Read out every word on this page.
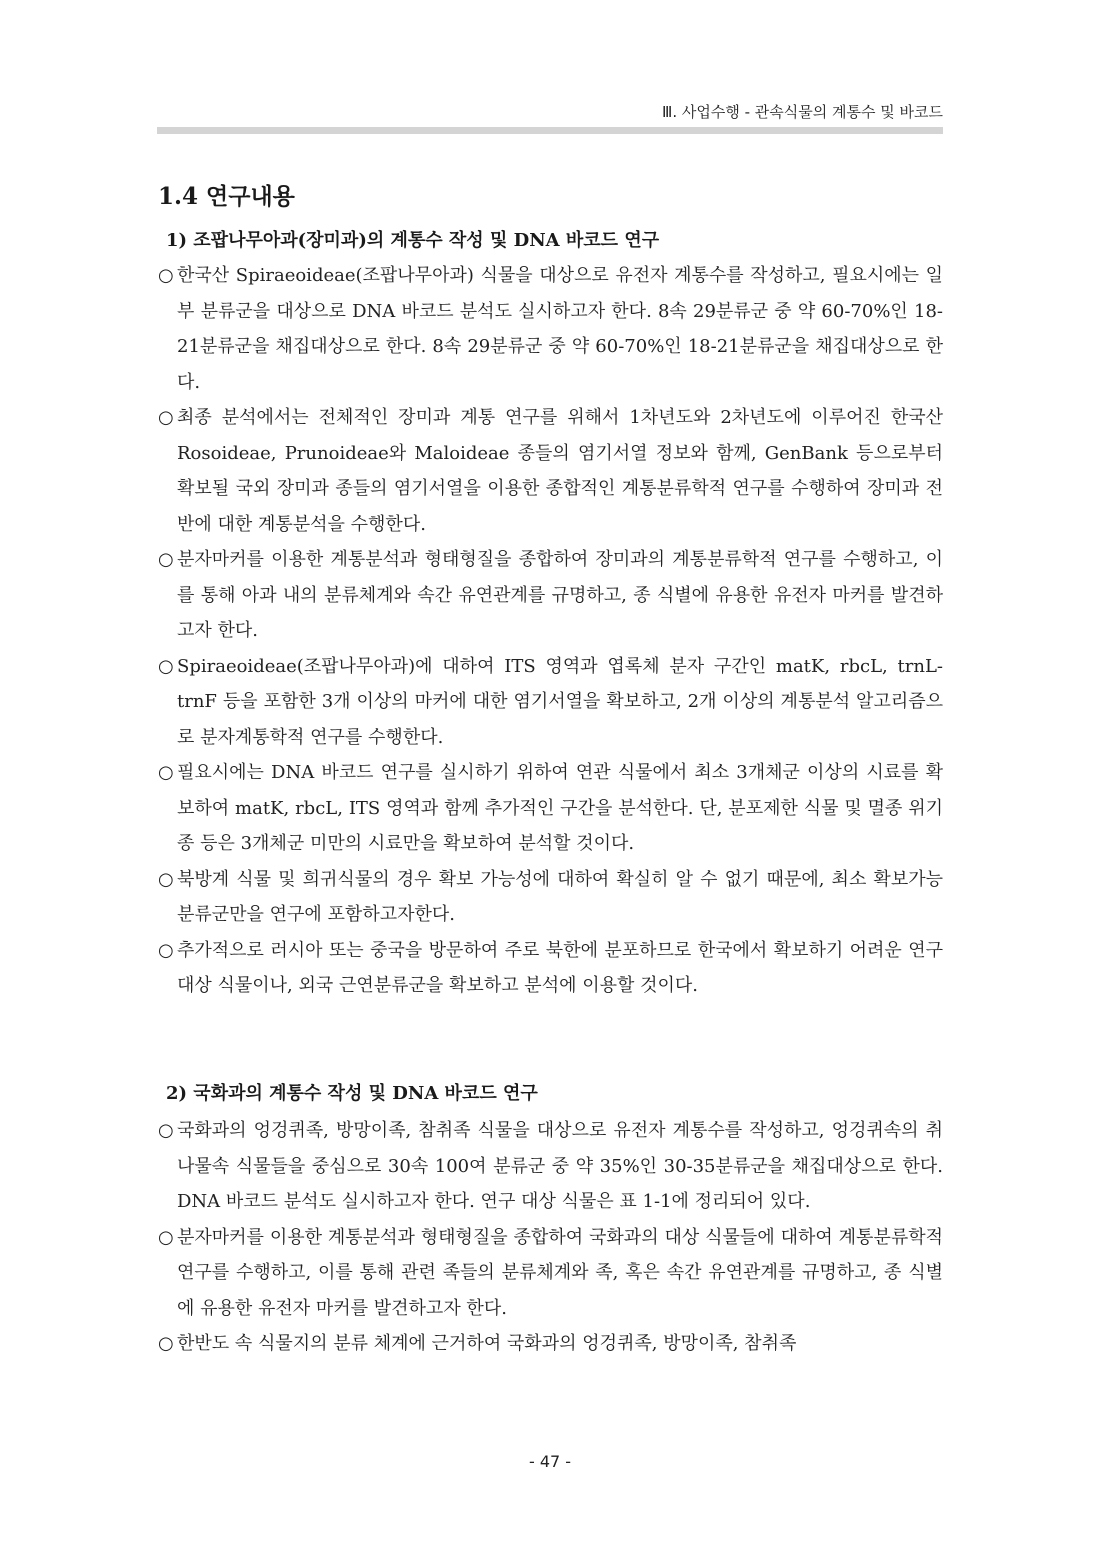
Ⅲ. 사업수행 - 관속식물의 계통수 및 바코드
1.4 연구내용
1) 조팝나무아과(장미과)의 계통수 작성 및 DNA 바코드 연구

○ 한국산 Spiraeoideae(조팝나무아과) 식물을 대상으로 유전자 계통수를 작성하고, 필요시에는 일부 분류군을 대상으로 DNA 바코드 분석도 실시하고자 한다. 8속 29분류군 중 약 60-70%인 18-21분류군을 채집대상으로 한다. 8속 29분류군 중 약 60-70%인 18-21분류군을 채집대상으로 한다.

○ 최종 분석에서는 전체적인 장미과 계통 연구를 위해서 1차년도와 2차년도에 이루어진 한국산 Rosoideae, Prunoideae와 Maloideae 종들의 염기서열 정보와 함께, GenBank 등으로부터 확보될 국외 장미과 종들의 염기서열을 이용한 종합적인 계통분류학적 연구를 수행하여 장미과 전반에 대한 계통분석을 수행한다.

○ 분자마커를 이용한 계통분석과 형태형질을 종합하여 장미과의 계통분류학적 연구를 수행하고, 이를 통해 아과 내의 분류체계와 속간 유연관계를 규명하고, 종 식별에 유용한 유전자 마커를 발견하고자 한다.

○ Spiraeoideae(조팝나무아과)에 대하여 ITS 영역과 엽록체 분자 구간인 matK, rbcL, trnL-trnF 등을 포함한 3개 이상의 마커에 대한 염기서열을 확보하고, 2개 이상의 계통분석 알고리즘으로 분자계통학적 연구를 수행한다.

○ 필요시에는 DNA 바코드 연구를 실시하기 위하여 연관 식물에서 최소 3개체군 이상의 시료를 확보하여 matK, rbcL, ITS 영역과 함께 추가적인 구간을 분석한다. 단, 분포제한 식물 및 멸종 위기종 등은 3개체군 미만의 시료만을 확보하여 분석할 것이다.

○ 북방계 식물 및 희귀식물의 경우 확보 가능성에 대하여 확실히 알 수 없기 때문에, 최소 확보가능 분류군만을 연구에 포함하고자한다.

○ 추가적으로 러시아 또는 중국을 방문하여 주로 북한에 분포하므로 한국에서 확보하기 어려운 연구대상 식물이나, 외국 근연분류군을 확보하고 분석에 이용할 것이다.

2) 국화과의 계통수 작성 및 DNA 바코드 연구

○ 국화과의 엉겅퀴족, 방망이족, 참취족 식물을 대상으로 유전자 계통수를 작성하고, 엉겅퀴속의 취나물속 식물들을 중심으로 30속 100여 분류군 중 약 35%인 30-35분류군을 채집대상으로 한다. DNA 바코드 분석도 실시하고자 한다. 연구 대상 식물은 표 1-1에 정리되어 있다.

○ 분자마커를 이용한 계통분석과 형태형질을 종합하여 국화과의 대상 식물들에 대하여 계통분류학적 연구를 수행하고, 이를 통해 관련 족들의 분류체계와 족, 혹은 속간 유연관계를 규명하고, 종 식별에 유용한 유전자 마커를 발견하고자 한다.

○ 한반도 속 식물지의 분류 체계에 근거하여 국화과의 엉겅퀴족, 방망이족, 참취족

- 47 -
